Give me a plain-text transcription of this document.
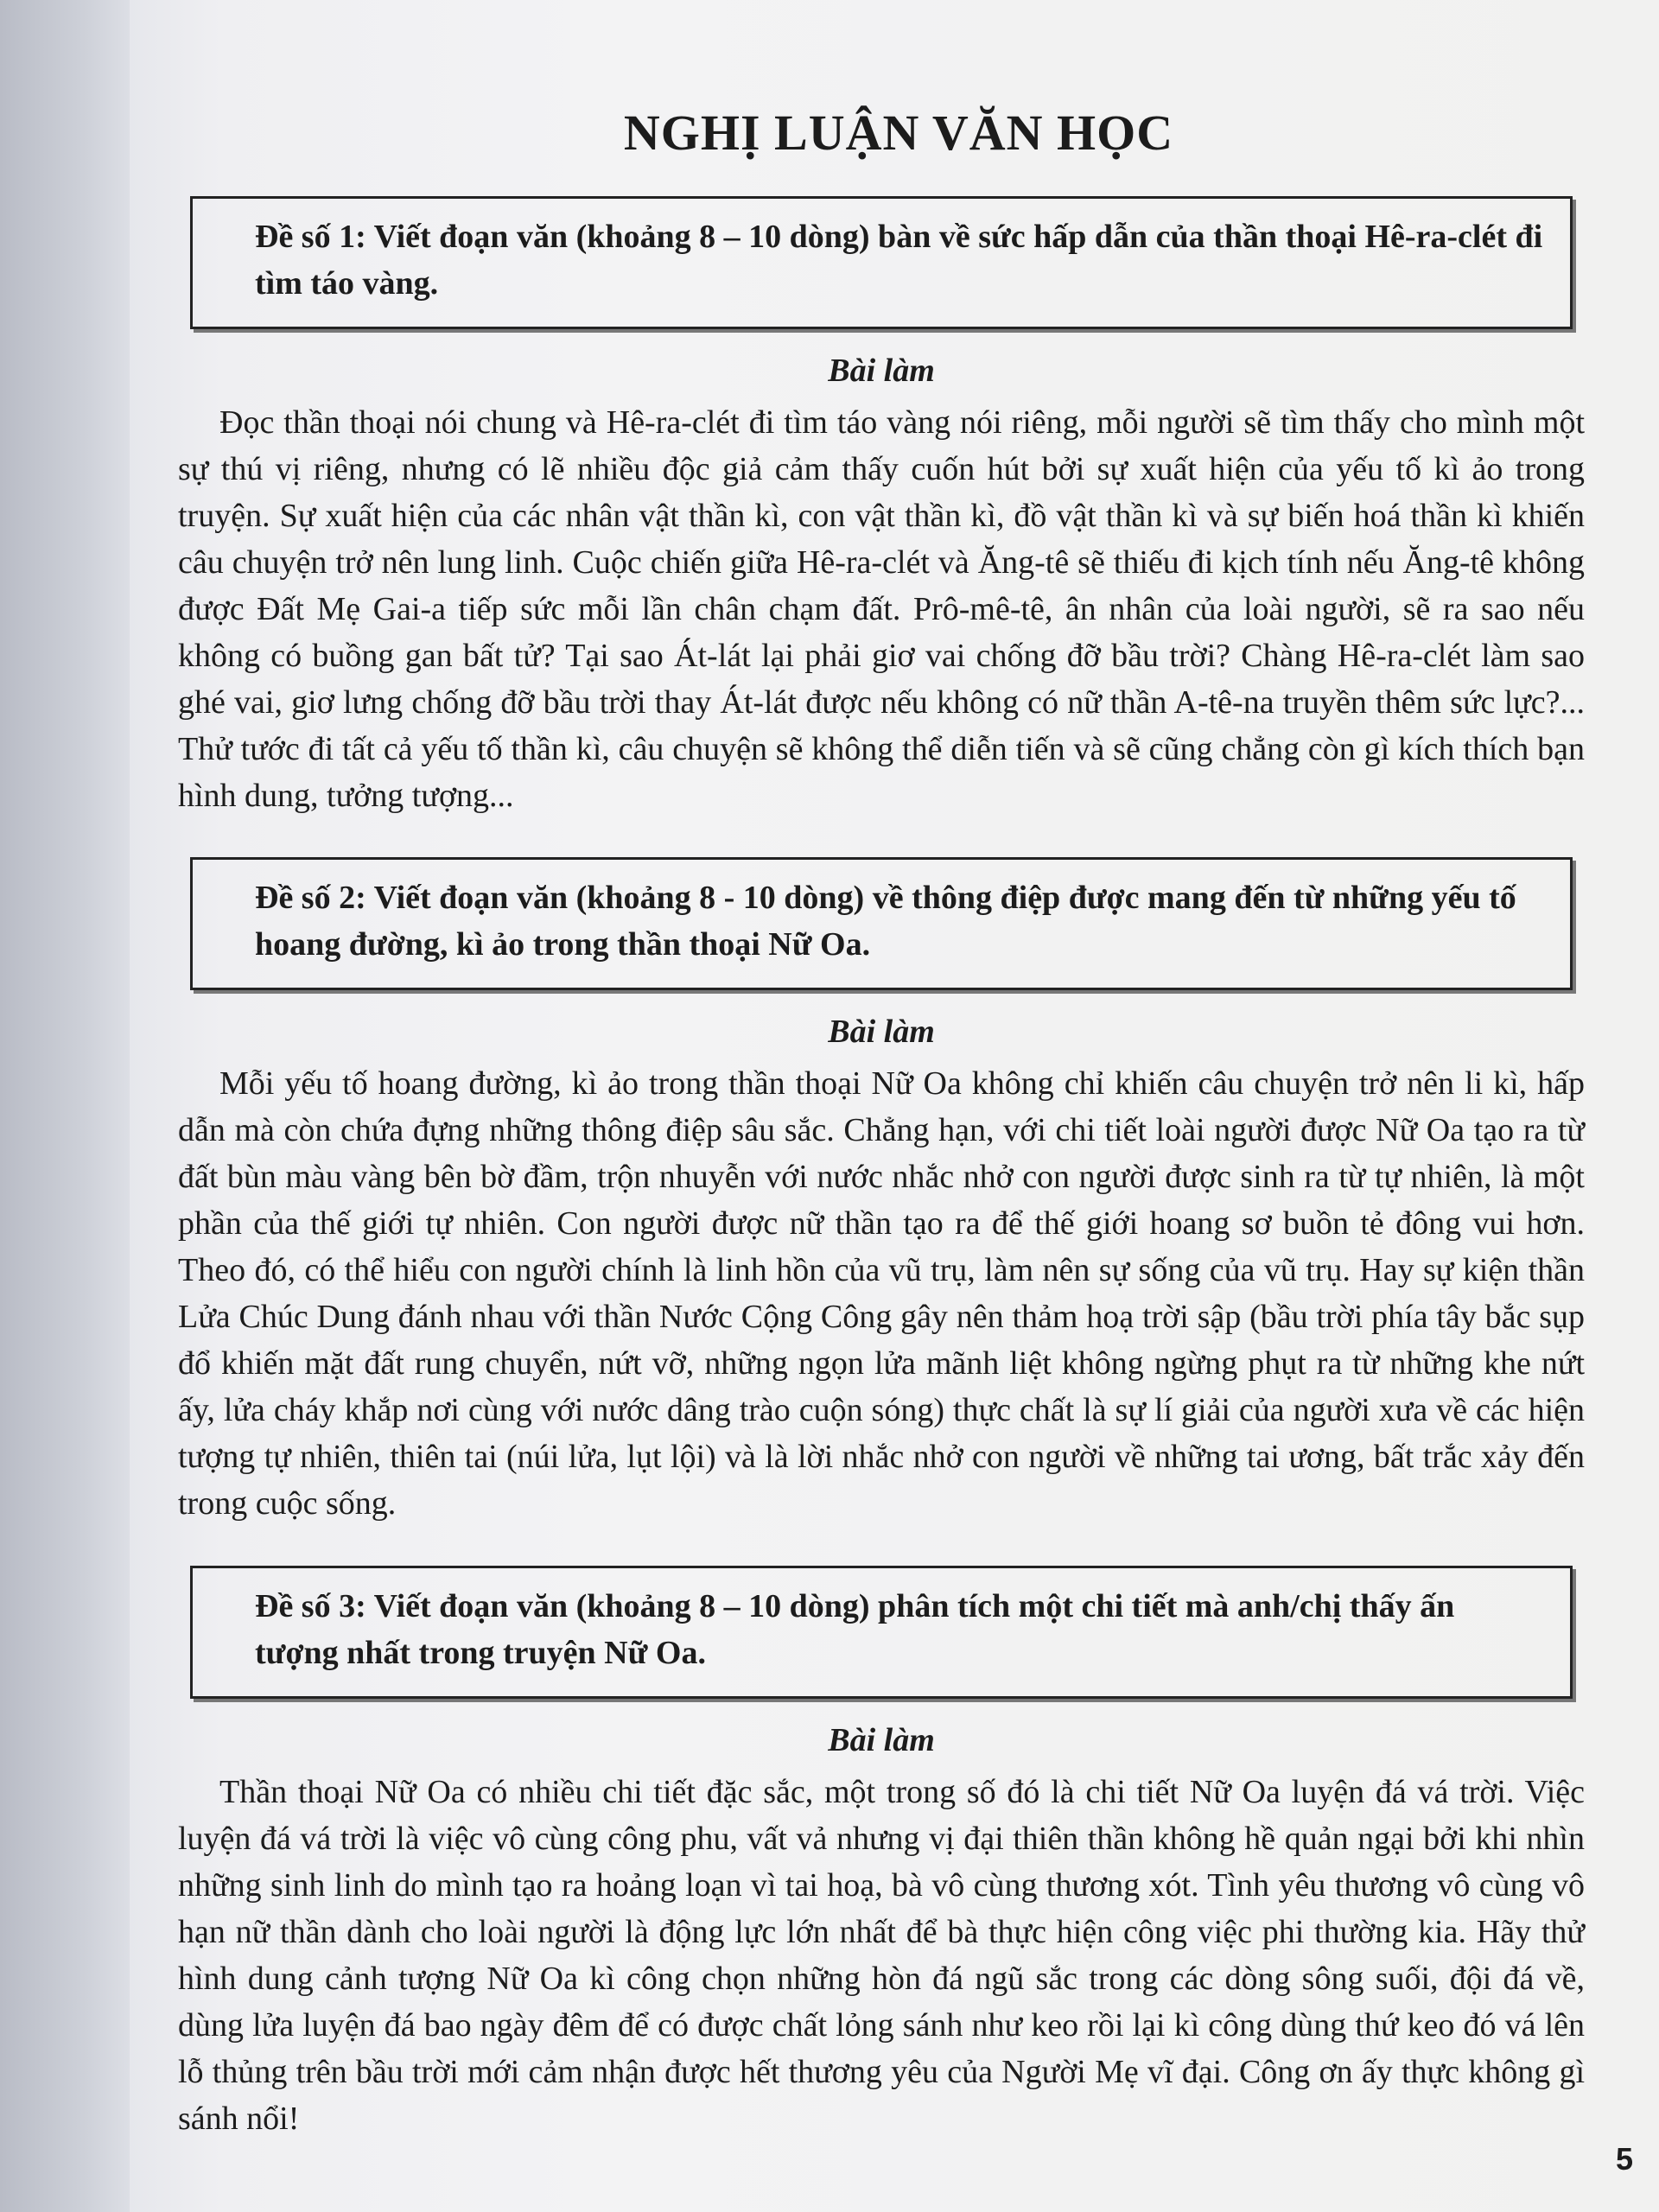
NGHỊ LUẬN VĂN HỌC
Đề số 1: Viết đoạn văn (khoảng 8 – 10 dòng) bàn về sức hấp dẫn của thần thoại Hê-ra-clét đi tìm táo vàng.
Bài làm
Đọc thần thoại nói chung và Hê-ra-clét đi tìm táo vàng nói riêng, mỗi người sẽ tìm thấy cho mình một sự thú vị riêng, nhưng có lẽ nhiều độc giả cảm thấy cuốn hút bởi sự xuất hiện của yếu tố kì ảo trong truyện. Sự xuất hiện của các nhân vật thần kì, con vật thần kì, đồ vật thần kì và sự biến hoá thần kì khiến câu chuyện trở nên lung linh. Cuộc chiến giữa Hê-ra-clét và Ăng-tê sẽ thiếu đi kịch tính nếu Ăng-tê không được Đất Mẹ Gai-a tiếp sức mỗi lần chân chạm đất. Prô-mê-tê, ân nhân của loài người, sẽ ra sao nếu không có buồng gan bất tử? Tại sao Át-lát lại phải giơ vai chống đỡ bầu trời? Chàng Hê-ra-clét làm sao ghé vai, giơ lưng chống đỡ bầu trời thay Át-lát được nếu không có nữ thần A-tê-na truyền thêm sức lực?... Thử tước đi tất cả yếu tố thần kì, câu chuyện sẽ không thể diễn tiến và sẽ cũng chẳng còn gì kích thích bạn hình dung, tưởng tượng...
Đề số 2: Viết đoạn văn (khoảng 8 - 10 dòng) về thông điệp được mang đến từ những yếu tố hoang đường, kì ảo trong thần thoại Nữ Oa.
Bài làm
Mỗi yếu tố hoang đường, kì ảo trong thần thoại Nữ Oa không chỉ khiến câu chuyện trở nên li kì, hấp dẫn mà còn chứa đựng những thông điệp sâu sắc. Chẳng hạn, với chi tiết loài người được Nữ Oa tạo ra từ đất bùn màu vàng bên bờ đầm, trộn nhuyễn với nước nhắc nhở con người được sinh ra từ tự nhiên, là một phần của thế giới tự nhiên. Con người được nữ thần tạo ra để thế giới hoang sơ buồn tẻ đông vui hơn. Theo đó, có thể hiểu con người chính là linh hồn của vũ trụ, làm nên sự sống của vũ trụ. Hay sự kiện thần Lửa Chúc Dung đánh nhau với thần Nước Cộng Công gây nên thảm hoạ trời sập (bầu trời phía tây bắc sụp đổ khiến mặt đất rung chuyển, nứt vỡ, những ngọn lửa mãnh liệt không ngừng phụt ra từ những khe nứt ấy, lửa cháy khắp nơi cùng với nước dâng trào cuộn sóng) thực chất là sự lí giải của người xưa về các hiện tượng tự nhiên, thiên tai (núi lửa, lụt lội) và là lời nhắc nhở con người về những tai ương, bất trắc xảy đến trong cuộc sống.
Đề số 3: Viết đoạn văn (khoảng 8 – 10 dòng) phân tích một chi tiết mà anh/chị thấy ấn tượng nhất trong truyện Nữ Oa.
Bài làm
Thần thoại Nữ Oa có nhiều chi tiết đặc sắc, một trong số đó là chi tiết Nữ Oa luyện đá vá trời. Việc luyện đá vá trời là việc vô cùng công phu, vất vả nhưng vị đại thiên thần không hề quản ngại bởi khi nhìn những sinh linh do mình tạo ra hoảng loạn vì tai hoạ, bà vô cùng thương xót. Tình yêu thương vô cùng vô hạn nữ thần dành cho loài người là động lực lớn nhất để bà thực hiện công việc phi thường kia. Hãy thử hình dung cảnh tượng Nữ Oa kì công chọn những hòn đá ngũ sắc trong các dòng sông suối, đội đá về, dùng lửa luyện đá bao ngày đêm để có được chất lỏng sánh như keo rồi lại kì công dùng thứ keo đó vá lên lỗ thủng trên bầu trời mới cảm nhận được hết thương yêu của Người Mẹ vĩ đại. Công ơn ấy thực không gì sánh nổi!
5
